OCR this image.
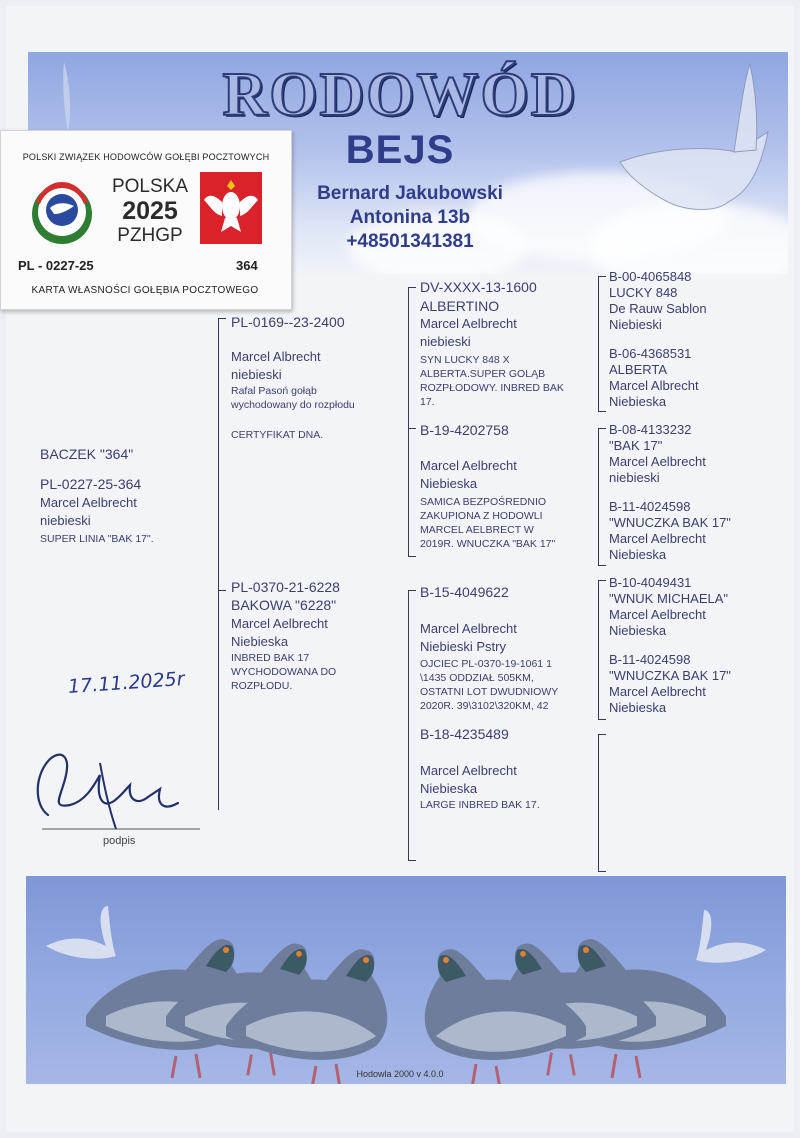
RODOWÓD
BEJS
Bernard Jakubowski
Antonina 13b
+48501341381
POLSKI ZWIĄZEK HODOWCÓW GOŁĘBI POCZTOWYCH
PZHGP
POLSKA
2025
PZHGP
PL - 0227-25	364
KARTA WŁASNOŚCI GOŁĘBIA POCZTOWEGO
BACZEK "364"
PL-0227-25-364
Marcel Aelbrecht
niebieski
SUPER LINIA "BAK 17".
PL-0169--23-2400
Marcel Albrecht
niebieski
Rafal Pasoń gołąb
wychodowany do rozpłodu
CERTYFIKAT DNA.
PL-0370-21-6228
BAKOWA "6228"
Marcel Aelbrecht
Niebieska
INBRED BAK 17
WYCHODOWANA DO
ROZPŁODU.
DV-XXXX-13-1600
ALBERTINO
Marcel Aelbrecht
niebieski
SYN LUCKY 848 X
ALBERTA.SUPER GOLĄB
ROZPŁODOWY. INBRED BAK
17.
B-19-4202758
Marcel Aelbrecht
Niebieska
SAMICA BEZPOŚREDNIO
ZAKUPIONA Z HODOWLI
MARCEL AELBRECT W
2019R. WNUCZKA "BAK 17"
B-15-4049622
Marcel Aelbrecht
Niebieski Pstry
OJCIEC PL-0370-19-1061 1
\1435 ODDZIAŁ 505KM,
OSTATNI LOT DWUDNIOWY
2020R. 39\3102\320KM, 42
B-18-4235489
Marcel Aelbrecht
Niebieska
LARGE INBRED BAK 17.
B-00-4065848
LUCKY 848
De Rauw Sablon
Niebieski
B-06-4368531
ALBERTA
Marcel Albrecht
Niebieska
B-08-4133232
"BAK 17"
Marcel Aelbrecht
niebieski
B-11-4024598
"WNUCZKA BAK 17"
Marcel Aelbrecht
Niebieska
B-10-4049431
"WNUK MICHAELA"
Marcel Aelbrecht
Niebieska
B-11-4024598
"WNUCZKA BAK 17"
Marcel Aelbrecht
Niebieska
17.11.2025r
podpis
Hodowla 2000 v 4.0.0
